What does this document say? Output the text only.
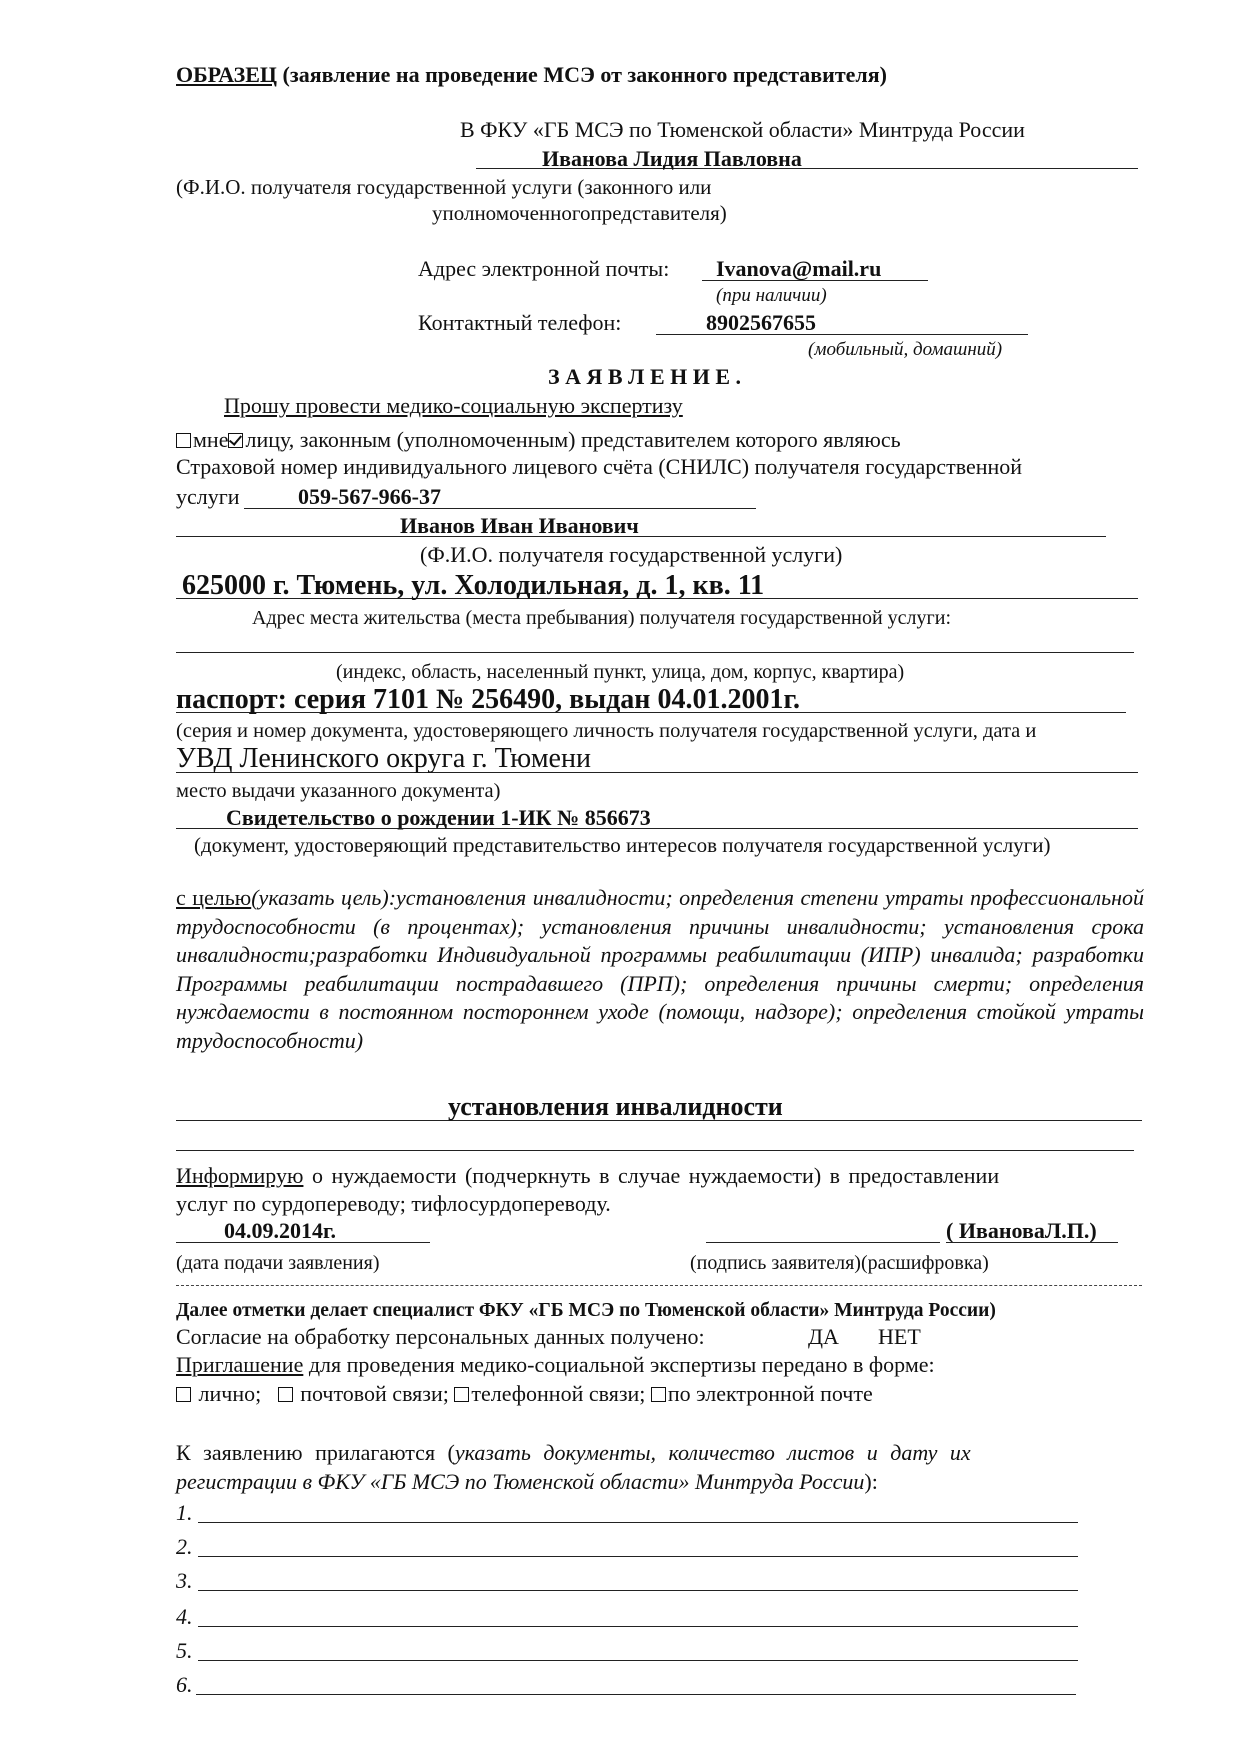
ОБРАЗЕЦ (заявление на проведение МСЭ от законного представителя)
В ФКУ «ГБ МСЭ по Тюменской области» Минтруда России
Иванова Лидия Павловна
(Ф.И.О. получателя государственной услуги (законного или
уполномоченногопредставителя)
Адрес электронной почты: Ivanova@mail.ru
(при наличии)
Контактный телефон:	8902567655
(мобильный, домашний)
З А Я В Л Е Н И Е .
Прошу провести медико-социальную экспертизу
мне лицу, законным (уполномоченным) представителем которого являюсь
Страховой номер индивидуального лицевого счёта (СНИЛС) получателя государственной
услуги	059-567-966-37
Иванов Иван Иванович
(Ф.И.О. получателя государственной услуги)
625000 г. Тюмень, ул. Холодильная, д. 1, кв. 11
Адрес места жительства (места пребывания) получателя государственной услуги:
(индекс, область, населенный пункт, улица, дом, корпус, квартира)
паспорт: серия 7101 № 256490, выдан 04.01.2001г.
(серия и номер документа, удостоверяющего личность получателя государственной услуги, дата и
УВД Ленинского округа г. Тюмени
место выдачи указанного документа)
Свидетельство о рождении 1-ИК № 856673
(документ, удостоверяющий представительство интересов получателя государственной услуги)
с целью(указать цель):установления инвалидности; определения степени утраты профессиональной трудоспособности (в процентах); установления причины инвалидности; установления срока инвалидности;разработки Индивидуальной программы реабилитации (ИПР) инвалида; разработки Программы реабилитации пострадавшего (ПРП); определения причины смерти; определения нуждаемости в постоянном постороннем уходе (помощи, надзоре); определения стойкой утраты трудоспособности)
установления инвалидности
Информирую о нуждаемости (подчеркнуть в случае нуждаемости) в предоставлении
услуг по сурдопереводу; тифлосурдопереводу.
04.09.2014г.	( ИвановаЛ.П.)
(дата подачи заявления)	(подпись заявителя)(расшифровка)
Далее отметки делает специалист ФКУ «ГБ МСЭ по Тюменской области» Минтруда России)
Согласие на обработку персональных данных получено:	ДА НЕТ
Приглашение для проведения медико-социальной экспертизы передано в форме:
лично; почтовой связи; телефонной связи; по электронной почте
К заявлению прилагаются (указать документы, количество листов и дату их
регистрации в ФКУ «ГБ МСЭ по Тюменской области» Минтруда России):
1.
2.
3.
4.
5.
6.
